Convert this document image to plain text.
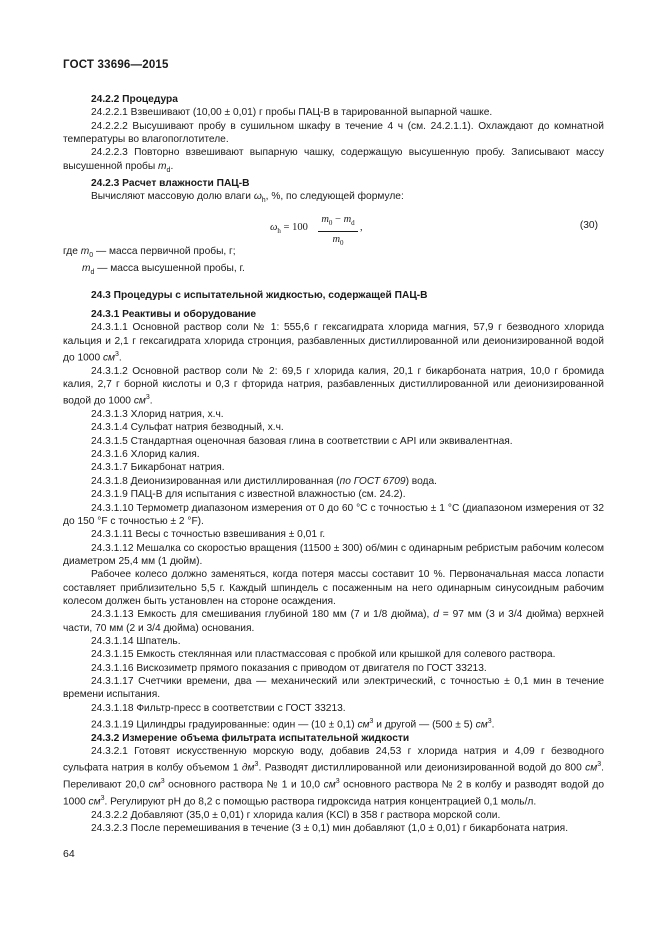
ГОСТ 33696—2015

24.2.2 Процедура

24.2.2.1 Взвешивают (10,00 ± 0,01) г пробы ПАЦ-В в тарированной выпарной чашке.

24.2.2.2 Высушивают пробу в сушильном шкафу в течение 4 ч (см. 24.2.1.1). Охлаждают до комнатной температуры во влагопоглотителе.

24.2.2.3 Повторно взвешивают выпарную чашку, содержащую высушенную пробу. Записывают массу высушенной пробы $m_d$.

24.2.3 Расчет влажности ПАЦ-В

Вычисляют массовую долю влаги $\omega_h$, %, по следующей формуле:

$\omega_h = 100 \frac{m_0 - m_d}{m_0}$ ,	(30)
где $m_0$ — масса первичной пробы, г;
$m_d$ — масса высушенной пробы, г.

24.3 Процедуры с испытательной жидкостью, содержащей ПАЦ-В

24.3.1 Реактивы и оборудование

24.3.1.1 Основной раствор соли № 1: 555,6 г гексагидрата хлорида магния, 57,9 г безводного хлорида кальция и 2,1 г гексагидрата хлорида стронция, разбавленных дистиллированной или деионизированной водой до 1000 $см^3$.

24.3.1.2 Основной раствор соли № 2: 69,5 г хлорида калия, 20,1 г бикарбоната натрия, 10,0 г бромида калия, 2,7 г борной кислоты и 0,3 г фторида натрия, разбавленных дистиллированной или деионизированной водой до 1000 $см^3$.

24.3.1.3 Хлорид натрия, х.ч.

24.3.1.4 Сульфат натрия безводный, х.ч.

24.3.1.5 Стандартная оценочная базовая глина в соответствии с API или эквивалентная.

24.3.1.6 Хлорид калия.

24.3.1.7 Бикарбонат натрия.

24.3.1.8 Деионизированная или дистиллированная (по ГОСТ 6709) вода.

24.3.1.9 ПАЦ-В для испытания с известной влажностью (см. 24.2).

24.3.1.10 Термометр диапазоном измерения от 0 до 60 °С с точностью ± 1 °С (диапазоном измерения от 32 до 150 °F с точностью ± 2 °F).

24.3.1.11 Весы с точностью взвешивания ± 0,01 г.

24.3.1.12 Мешалка со скоростью вращения (11500 ± 300) об/мин с одинарным ребристым рабочим колесом диаметром 25,4 мм (1 дюйм).

Рабочее колесо должно заменяться, когда потеря массы составит 10 %. Первоначальная масса лопасти составляет приблизительно 5,5 г. Каждый шпиндель с посаженным на него одинарным синусоидным рабочим колесом должен быть установлен на стороне осаждения.

24.3.1.13 Емкость для смешивания глубиной 180 мм (7 и 1/8 дюйма), d = 97 мм (3 и 3/4 дюйма) верхней части, 70 мм (2 и 3/4 дюйма) основания.

24.3.1.14 Шпатель.

24.3.1.15 Емкость стеклянная или пластмассовая с пробкой или крышкой для солевого раствора.

24.3.1.16 Вискозиметр прямого показания с приводом от двигателя по ГОСТ 33213.

24.3.1.17 Счетчики времени, два — механический или электрический, с точностью ± 0,1 мин в течение времени испытания.

24.3.1.18 Фильтр-пресс в соответствии с ГОСТ 33213.

24.3.1.19 Цилиндры градуированные: один — (10 ± 0,1) $см^3$ и другой — (500 ± 5) $см^3$.

24.3.2 Измерение объема фильтрата испытательной жидкости

24.3.2.1 Готовят искусственную морскую воду, добавив 24,53 г хлорида натрия и 4,09 г безводного сульфата натрия в колбу объемом 1 $дм^3$. Разводят дистиллированной или деионизированной водой до 800 $см^3$. Переливают 20,0 $см^3$ основного раствора № 1 и 10,0 $см^3$ основного раствора № 2 в колбу и разводят водой до 1000 $см^3$. Регулируют рН до 8,2 с помощью раствора гидроксида натрия концентрацией 0,1 моль/л.

24.3.2.2 Добавляют (35,0 ± 0,01) г хлорида калия (KCl) в 358 г раствора морской соли.

24.3.2.3 После перемешивания в течение (3 ± 0,1) мин добавляют (1,0 ± 0,01) г бикарбоната натрия.

64
